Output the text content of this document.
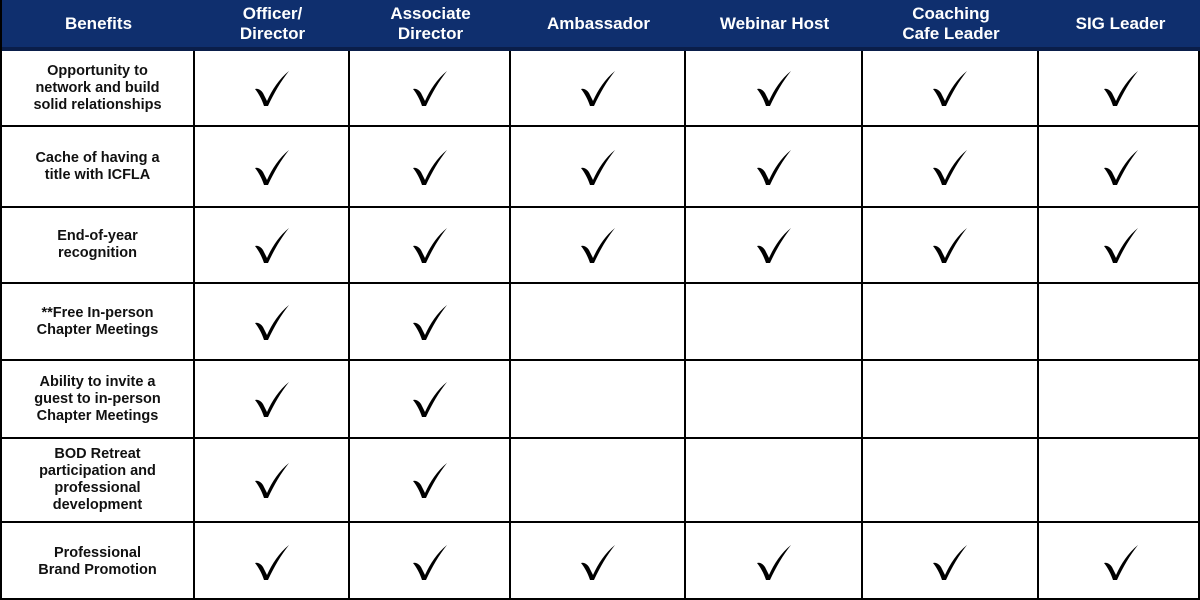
Benefits
Officer/
Director
Associate
Director
Ambassador	Webinar Host
Coaching
Cafe Leader
SIG Leader
Opportunity to
network and build
solid relationships
Cache of having a
title with ICFLA
End-of-year
recognition
**Free In-person
Chapter Meetings
Ability to invite a
guest to in-person
Chapter Meetings
BOD Retreat
participation and
professional
development
Professional
Brand Promotion
